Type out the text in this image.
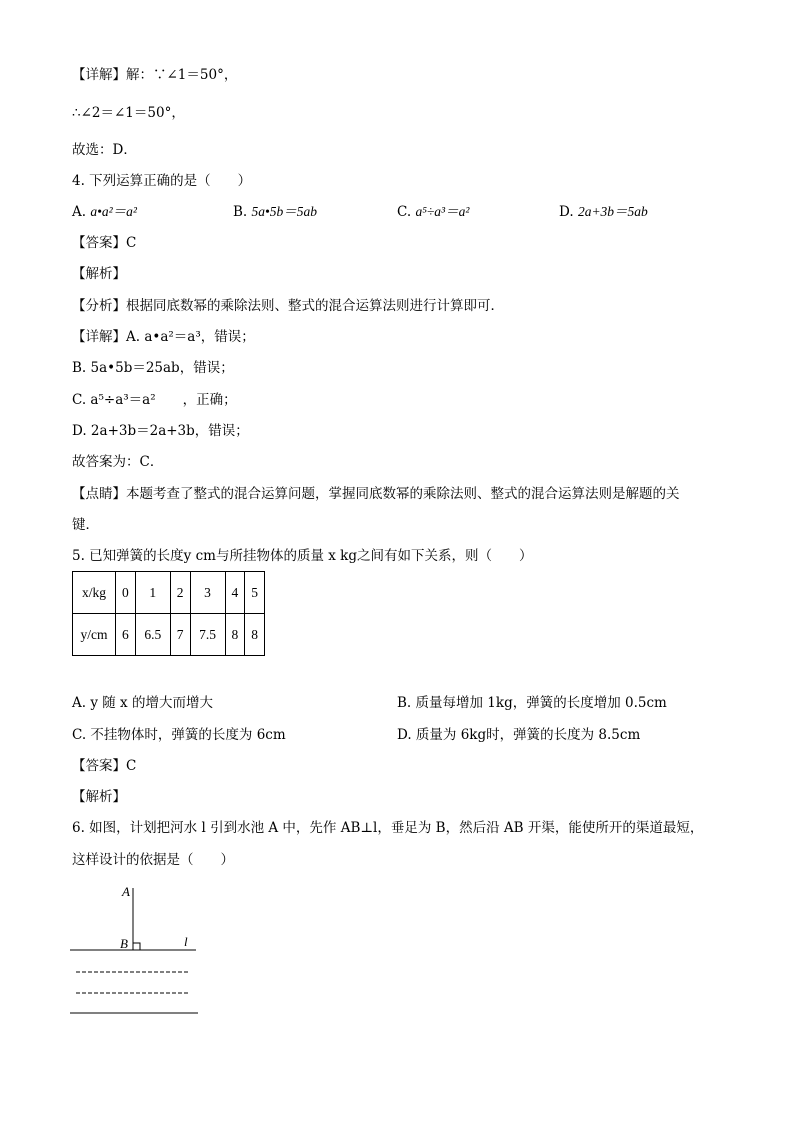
【详解】解：∵∠1＝50°，
∴∠2＝∠1＝50°，
故选：D．
4. 下列运算正确的是（　　）
A. a•a²＝a²	B. 5a•5b＝5ab	C. a⁵÷a³＝a²	D. 2a+3b＝5ab
【答案】C
【解析】
【分析】根据同底数幂的乘除法则、整式的混合运算法则进行计算即可．
【详解】A. a•a²＝a³，错误；
B. 5a•5b＝25ab，错误；
C. a⁵÷a³＝a²　　，正确；
D. 2a+3b＝2a+3b，错误；
故答案为：C．
【点睛】本题考查了整式的混合运算问题，掌握同底数幂的乘除法则、整式的混合运算法则是解题的关
键．
5. 已知弹簧的长度y cm与所挂物体的质量 x kg之间有如下关系，则（　　）
x/kg	0	1	2	3	4	5
y/cm	6	6.5	7	7.5	8	8
A. y 随 x 的增大而增大	B. 质量每增加 1kg，弹簧的长度增加 0.5cm
C. 不挂物体时，弹簧的长度为 6cm	D. 质量为 6kg时，弹簧的长度为 8.5cm
【答案】C
【解析】
6. 如图，计划把河水 l 引到水池 A 中，先作 AB⊥l，垂足为 B，然后沿 AB 开渠，能使所开的渠道最短，
这样设计的依据是（　　）
A
B	l
